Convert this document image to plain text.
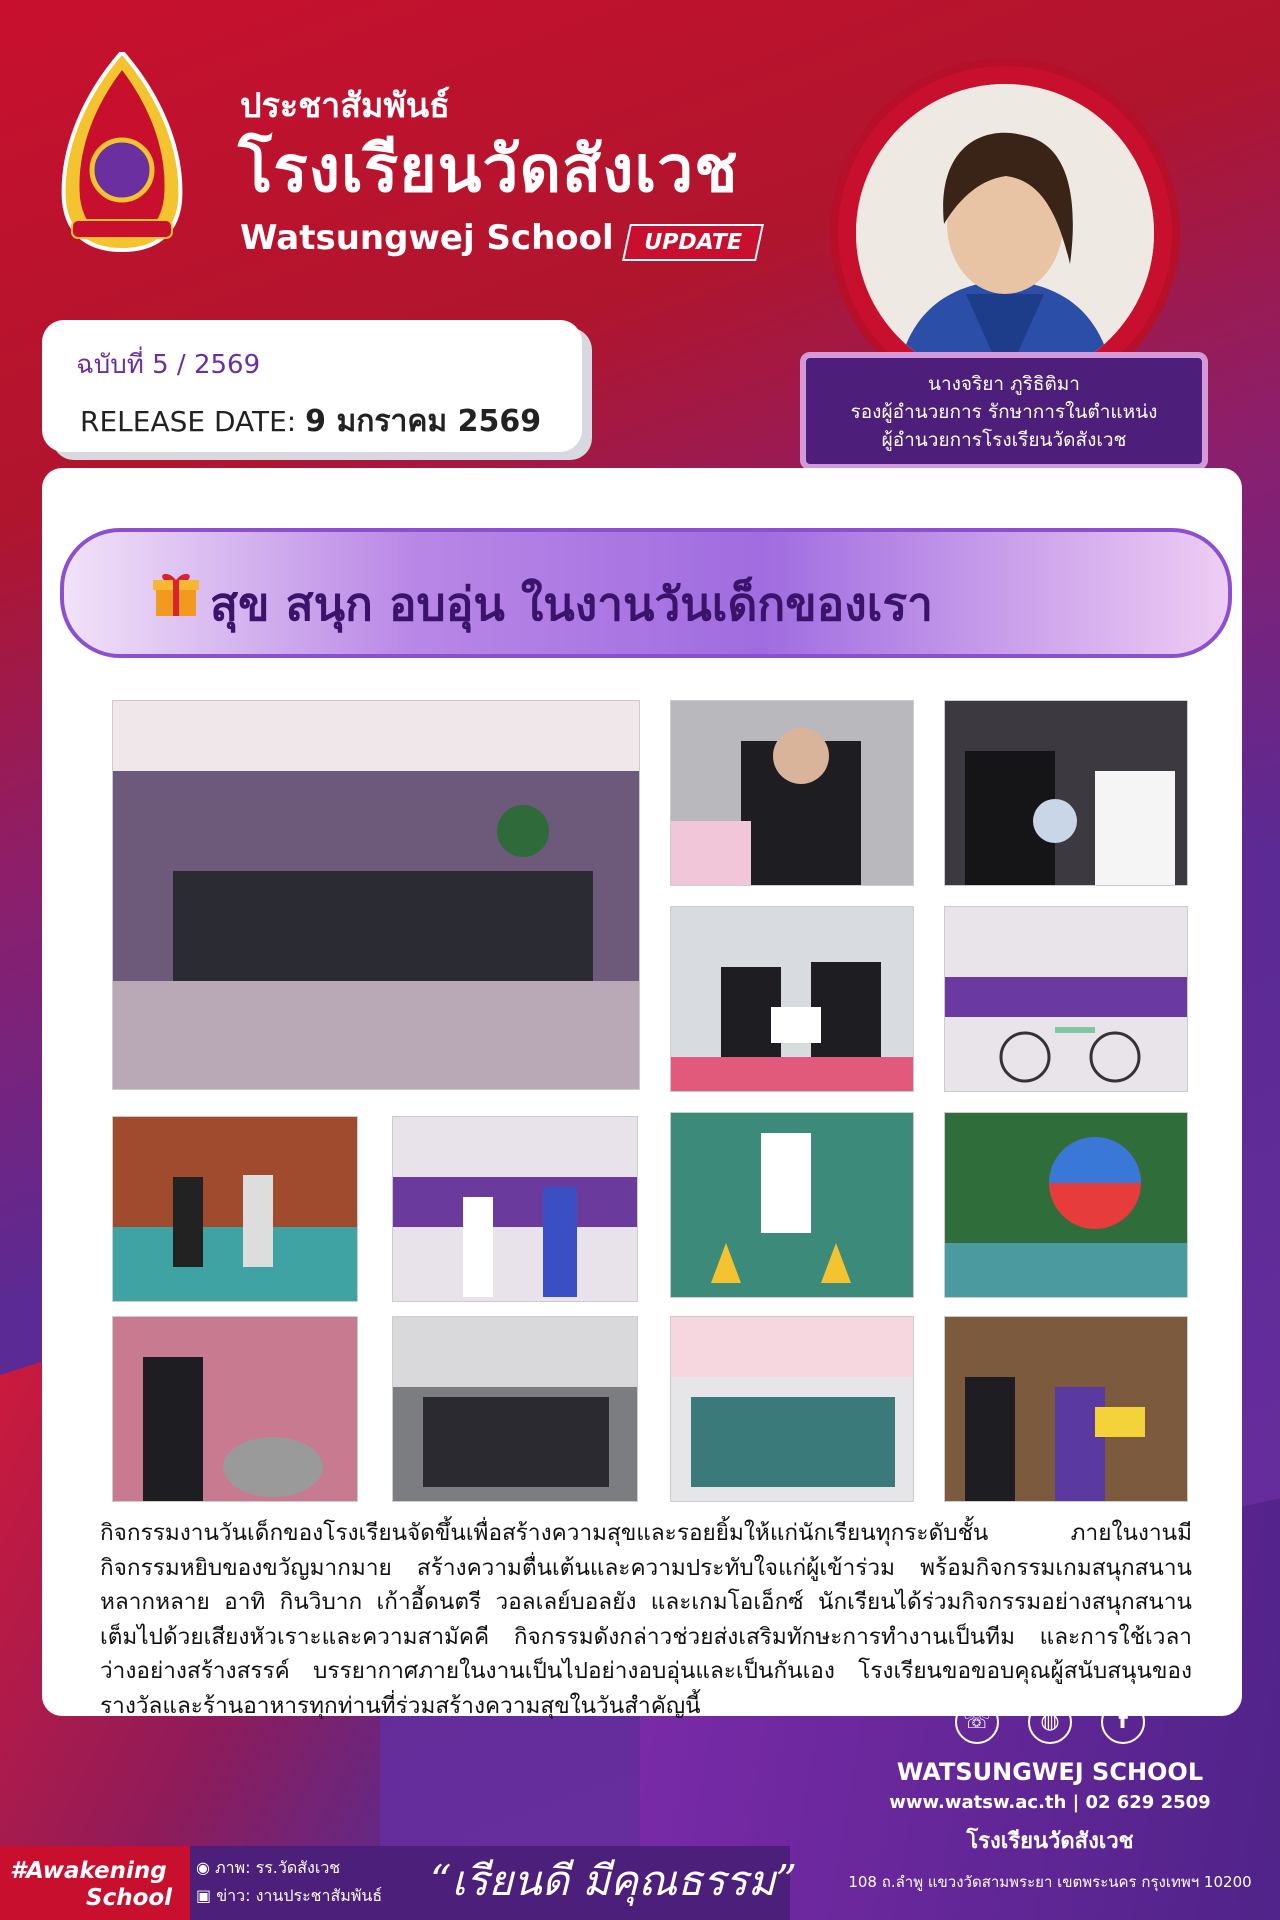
ประชาสัมพันธ์
โรงเรียนวัดสังเวช
Watsungwej School	UPDATE
ฉบับที่ 5 / 2569
RELEASE DATE: 9 มกราคม 2569
นางจริยา ภูริธิติมา
รองผู้อำนวยการ รักษาการในตำแหน่ง
ผู้อำนวยการโรงเรียนวัดสังเวช
สุข สนุก อบอุ่น ในงานวันเด็กของเรา
กิจกรรมงานวันเด็กของโรงเรียนจัดขึ้นเพื่อสร้างความสุขและรอยยิ้มให้แก่นักเรียนทุกระดับชั้น ภายในงานมีกิจกรรมหยิบของขวัญมากมาย สร้างความตื่นเต้นและความประทับใจแก่ผู้เข้าร่วม พร้อมกิจกรรมเกมสนุกสนานหลากหลาย อาทิ กินวิบาก เก้าอี้ดนตรี วอลเลย์บอลยัง และเกมโอเอ็กซ์ นักเรียนได้ร่วมกิจกรรมอย่างสนุกสนาน เต็มไปด้วยเสียงหัวเราะและความสามัคคี กิจกรรมดังกล่าวช่วยส่งเสริมทักษะการทำงานเป็นทีม และการใช้เวลาว่างอย่างสร้างสรรค์ บรรยากาศภายในงานเป็นไปอย่างอบอุ่นและเป็นกันเอง โรงเรียนขอขอบคุณผู้สนับสนุนของรางวัลและร้านอาหารทุกท่านที่ร่วมสร้างความสุขในวันสำคัญนี้
☏ ◍	f
WATSUNGWEJ SCHOOL
www.watsw.ac.th | 02 629 2509
โรงเรียนวัดสังเวช
108 ถ.ลำพู แขวงวัดสามพระยา เขตพระนคร กรุงเทพฯ 10200
#Awakening
School
◉ ภาพ: รร.วัดสังเวช
▣ ข่าว: งานประชาสัมพันธ์ “เรียนดี มีคุณธรรม”
